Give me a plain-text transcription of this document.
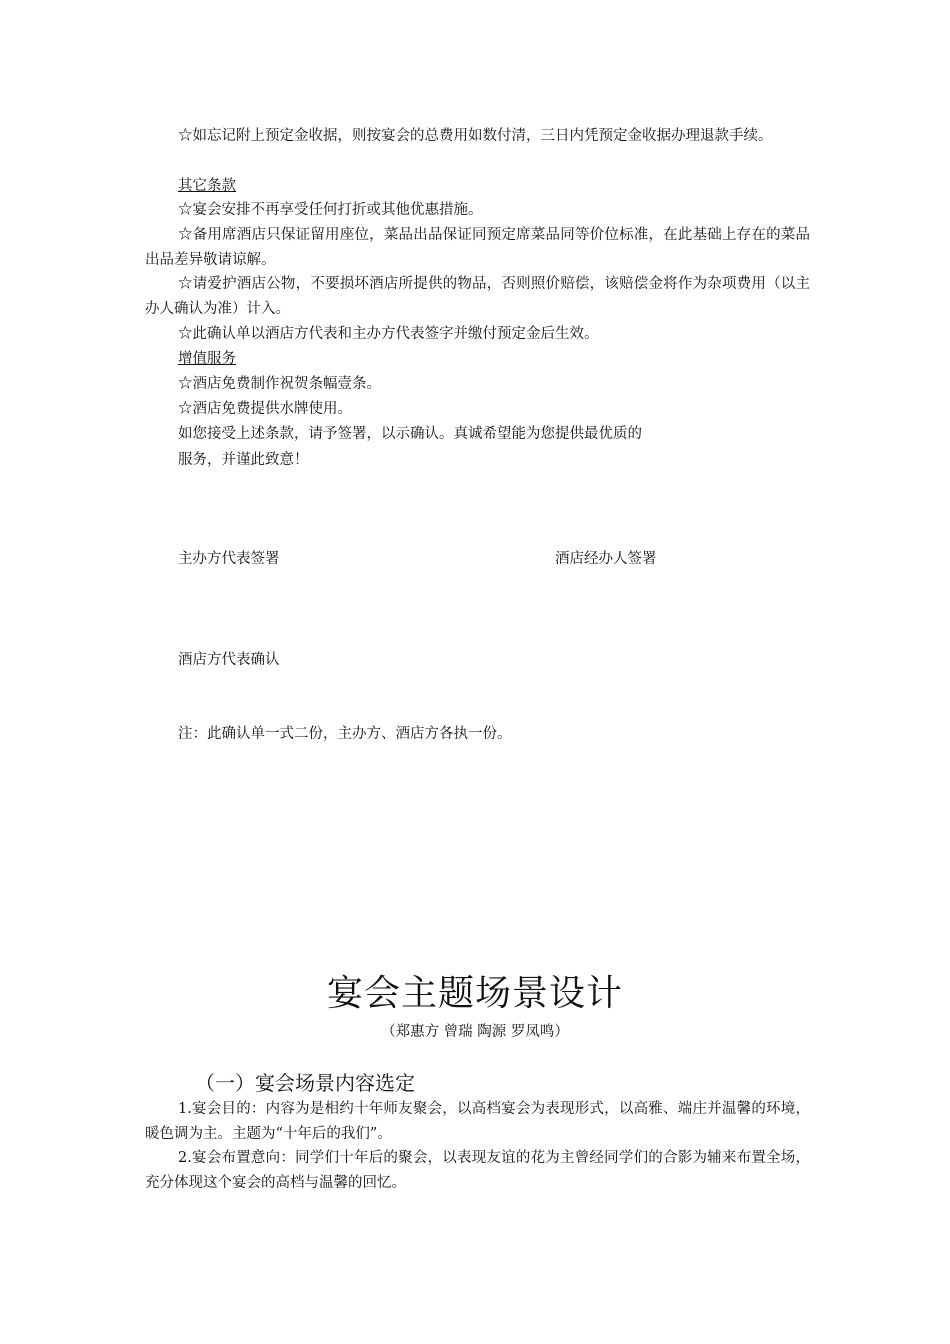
☆如忘记附上预定金收据，则按宴会的总费用如数付清，三日内凭预定金收据办理退款手续。

其它条款

☆宴会安排不再享受任何打折或其他优惠措施。

☆备用席酒店只保证留用座位，菜品出品保证同预定席菜品同等价位标准，在此基础上存在的菜品出品差异敬请谅解。

☆请爱护酒店公物，不要损坏酒店所提供的物品，否则照价赔偿，该赔偿金将作为杂项费用（以主办人确认为准）计入。

☆此确认单以酒店方代表和主办方代表签字并缴付预定金后生效。

增值服务

☆酒店免费制作祝贺条幅壹条。

☆酒店免费提供水牌使用。

如您接受上述条款，请予签署，以示确认。真诚希望能为您提供最优质的

服务，并谨此致意！

主办方代表签署	酒店经办人签署
酒店方代表确认
注：此确认单一式二份，主办方、酒店方各执一份。
宴会主题场景设计
（郑惠方 曾瑞 陶源 罗凤鸣）
（一）宴会场景内容选定

1.宴会目的：内容为是相约十年师友聚会，以高档宴会为表现形式，以高雅、端庄并温馨的环境，暖色调为主。主题为“十年后的我们”。

2.宴会布置意向：同学们十年后的聚会，以表现友谊的花为主曾经同学们的合影为辅来布置全场，充分体现这个宴会的高档与温馨的回忆。
